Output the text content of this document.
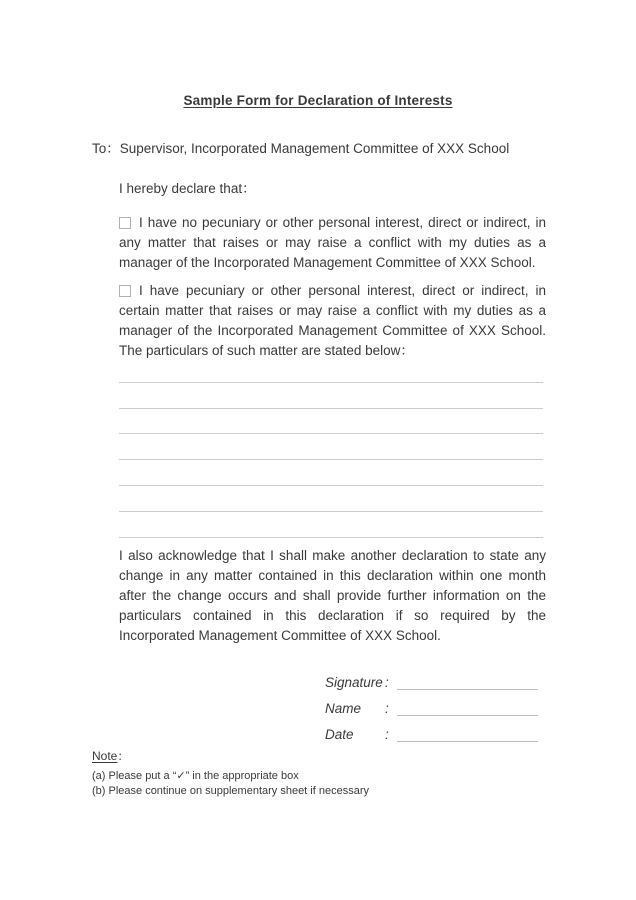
Sample Form for Declaration of Interests
To：Supervisor, Incorporated Management Committee of XXX School
I hereby declare that：

I have no pecuniary or other personal interest, direct or indirect, in any matter that raises or may raise a conflict with my duties as a manager of the Incorporated Management Committee of XXX School.

I have pecuniary or other personal interest, direct or indirect, in certain matter that raises or may raise a conflict with my duties as a manager of the Incorporated Management Committee of XXX School. The particulars of such matter are stated below：

I also acknowledge that I shall make another declaration to state any change in any matter contained in this declaration within one month after the change occurs and shall provide further information on the particulars contained in this declaration if so required by the Incorporated Management Committee of XXX School.

Signature :
Name	:
Date	:
Note：
(a) Please put a “✓” in the appropriate box
(b) Please continue on supplementary sheet if necessary
